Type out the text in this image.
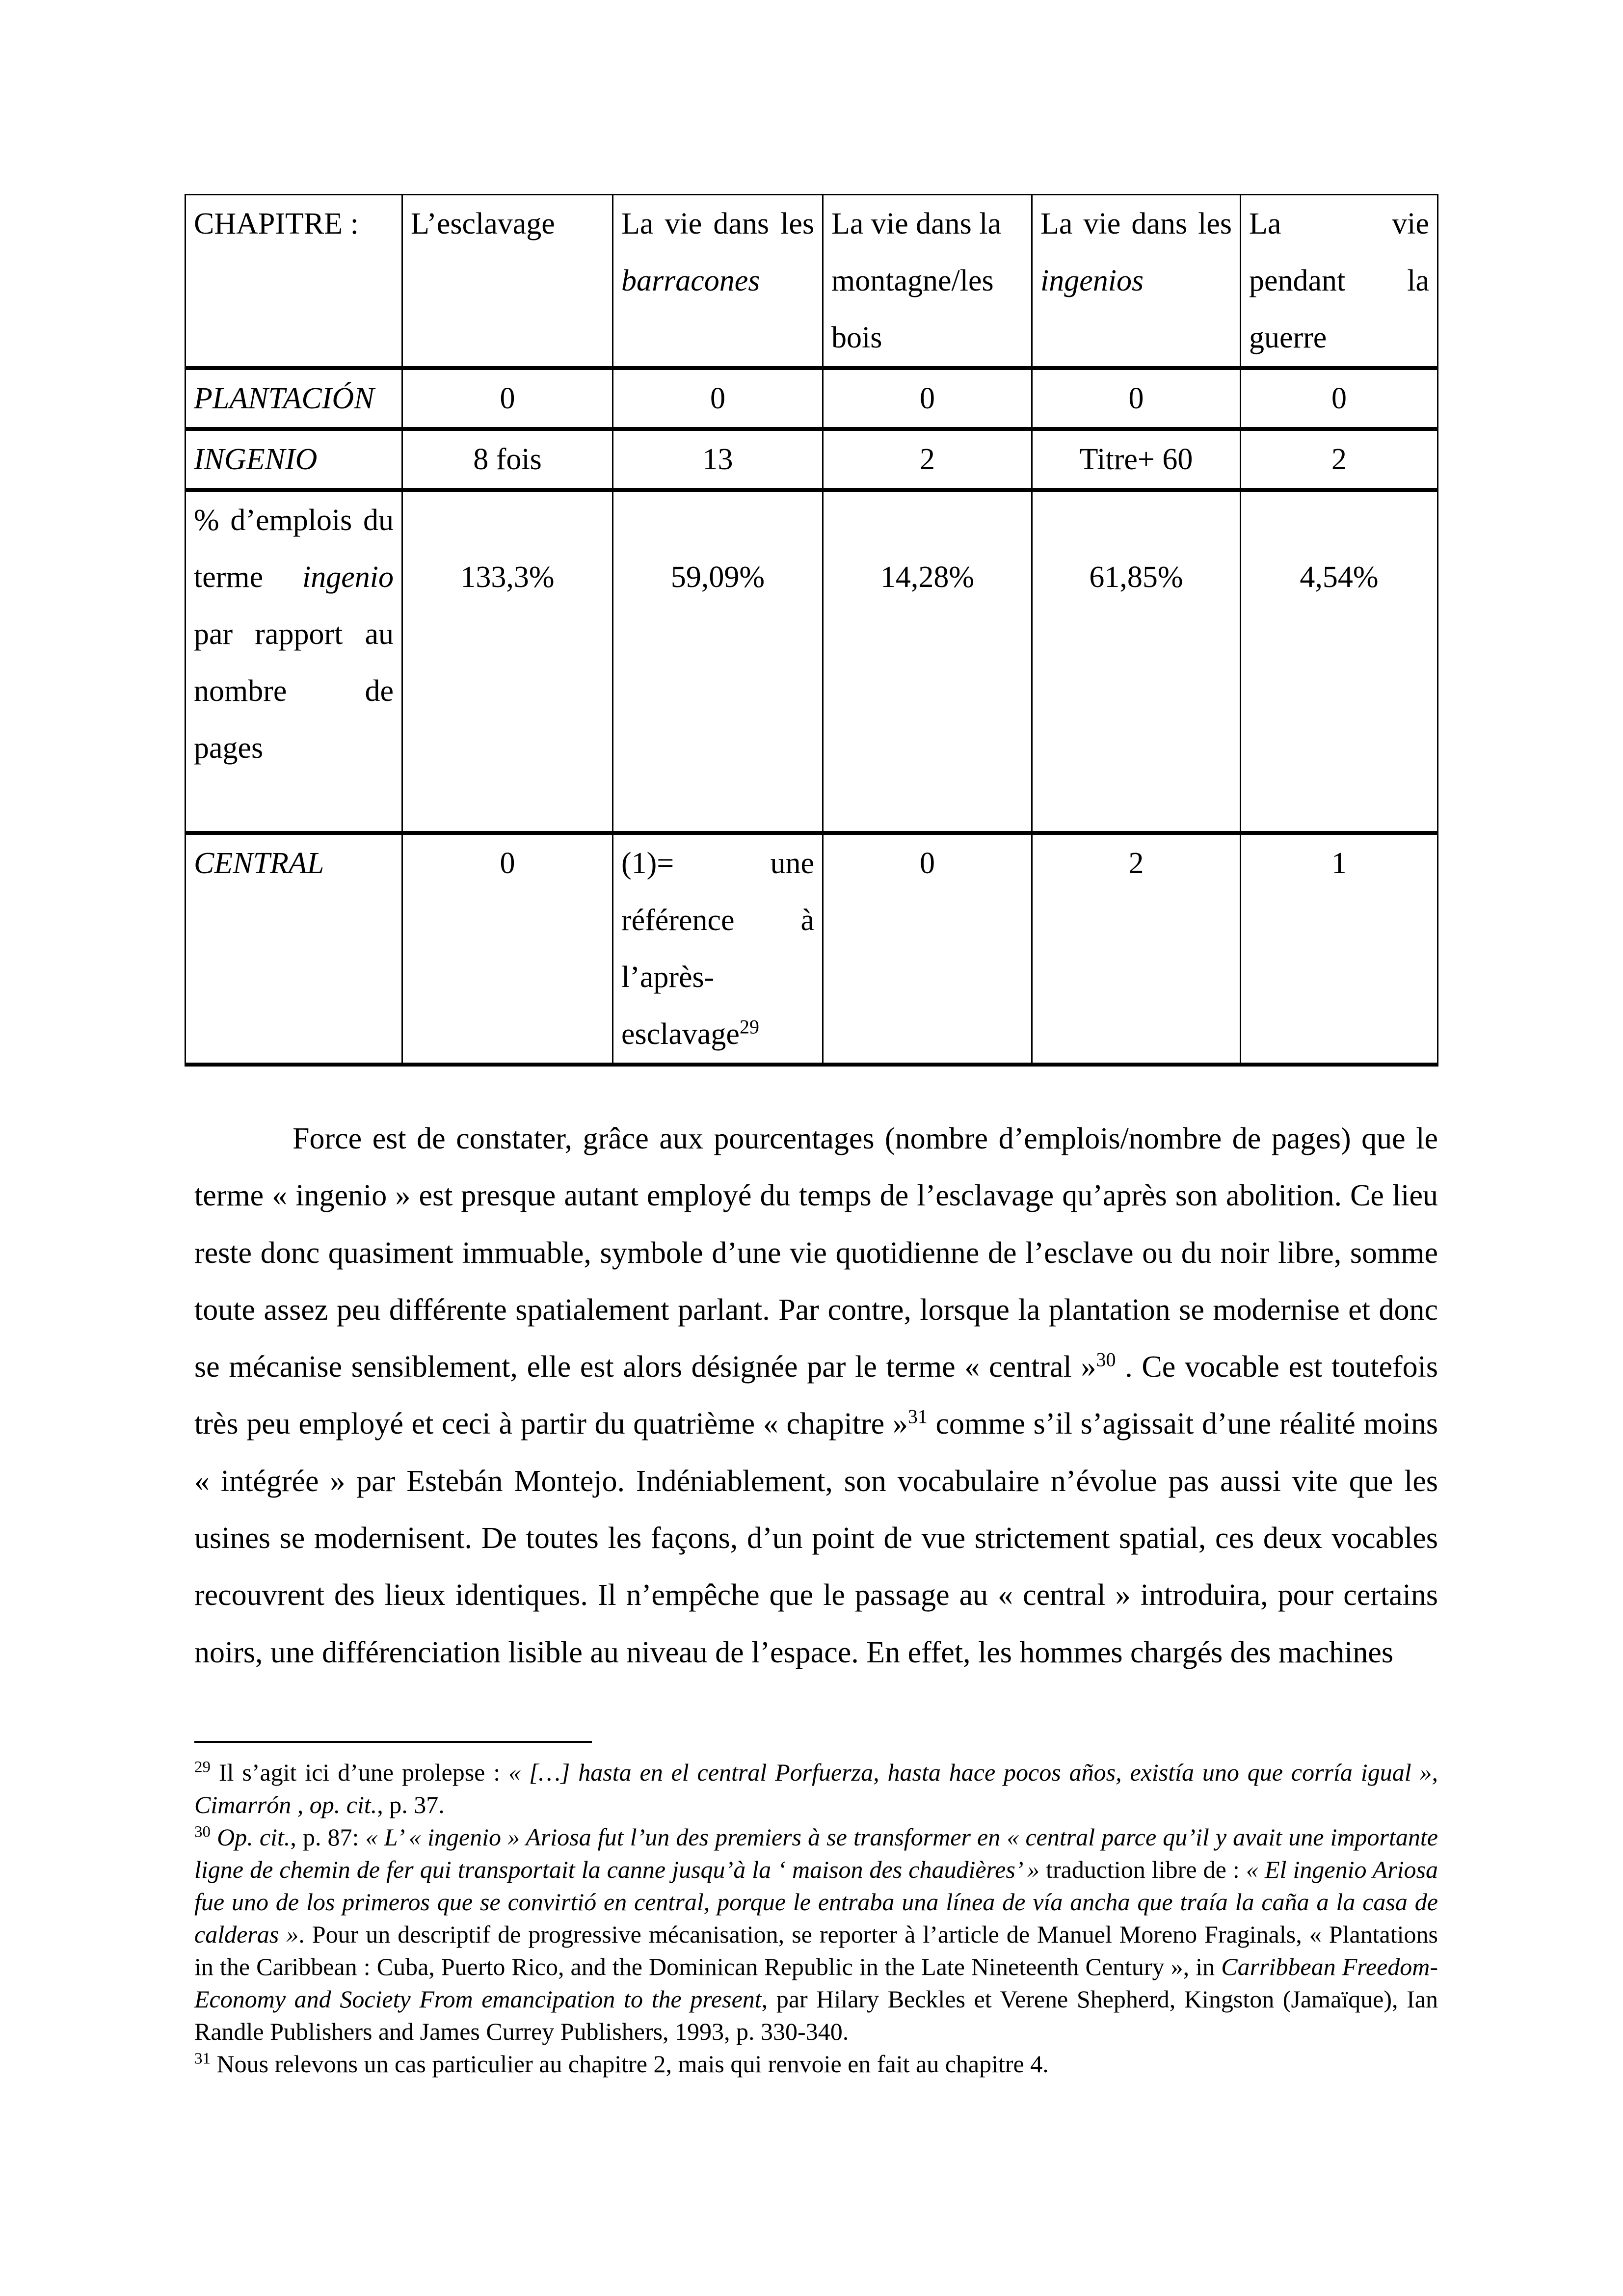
CHAPITRE :	L’esclavage	La vie dans les barracones	La vie dans la montagne/les bois	La vie dans les ingenios	La vie pendant la guerre
PLANTACIÓN	0	0	0	0	0
INGENIO	8 fois	13	2	Titre+ 60	2
% d’emplois du terme ingenio par rapport au nombre de pages	133,3%	59,09%	14,28%	61,85%	4,54%
CENTRAL	0	(1)= une référence à l’après-esclavage$^{29}$	0	2	1

Force est de constater, grâce aux pourcentages (nombre d’emplois/nombre de pages) que le terme « ingenio » est presque autant employé du temps de l’esclavage qu’après son abolition. Ce lieu reste donc quasiment immuable, symbole d’une vie quotidienne de l’esclave ou du noir libre, somme toute assez peu différente spatialement parlant. Par contre, lorsque la plantation se modernise et donc se mécanise sensiblement, elle est alors désignée par le terme « central »$^{30}$ . Ce vocable est toutefois très peu employé et ceci à partir du quatrième « chapitre »$^{31}$ comme s’il s’agissait d’une réalité moins « intégrée » par Estebán Montejo. Indéniablement, son vocabulaire n’évolue pas aussi vite que les usines se modernisent. De toutes les façons, d’un point de vue strictement spatial, ces deux vocables recouvrent des lieux identiques. Il n’empêche que le passage au « central » introduira, pour certains noirs, une différenciation lisible au niveau de l’espace. En effet, les hommes chargés des machines

$^{29}$ Il s’agit ici d’une prolepse : « […] hasta en el central Porfuerza, hasta hace pocos años, existía uno que corría igual », Cimarrón , op. cit., p. 37.

$^{30}$ Op. cit., p. 87: « L’ « ingenio » Ariosa fut l’un des premiers à se transformer en « central parce qu’il y avait une importante ligne de chemin de fer qui transportait la canne jusqu’à la ‘ maison des chaudières’ » traduction libre de : « El ingenio Ariosa fue uno de los primeros que se convirtió en central, porque le entraba una línea de vía ancha que traía la caña a la casa de calderas ». Pour un descriptif de progressive mécanisation, se reporter à l’article de Manuel Moreno Fraginals, « Plantations in the Caribbean : Cuba, Puerto Rico, and the Dominican Republic in the Late Nineteenth Century », in Carribbean Freedom-Economy and Society From emancipation to the present, par Hilary Beckles et Verene Shepherd, Kingston (Jamaïque), Ian Randle Publishers and James Currey Publishers, 1993, p. 330-340.

$^{31}$ Nous relevons un cas particulier au chapitre 2, mais qui renvoie en fait au chapitre 4.
